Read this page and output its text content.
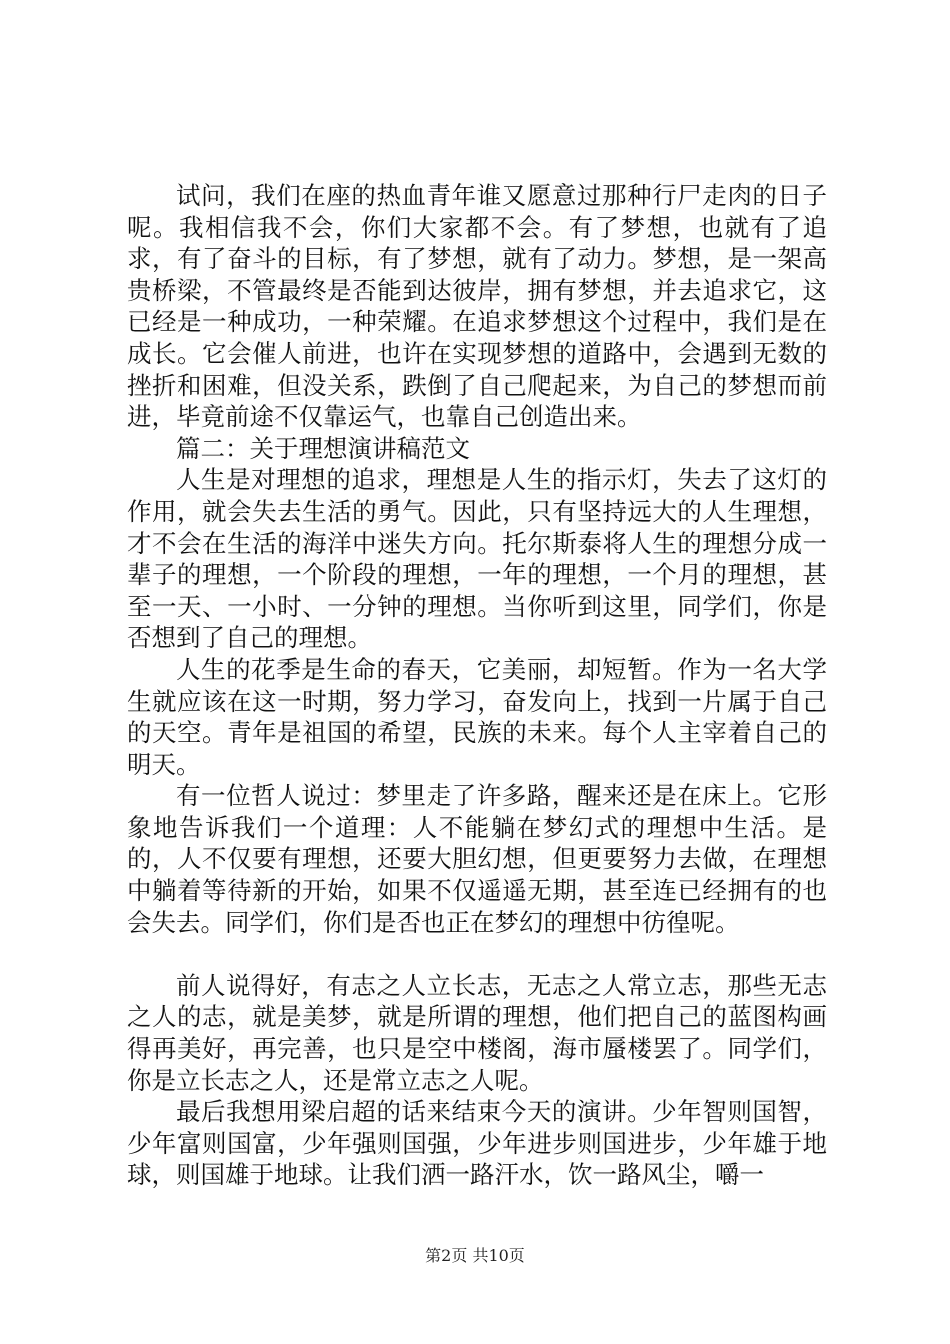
试问，我们在座的热血青年谁又愿意过那种行尸走肉的日子呢。我相信我不会，你们大家都不会。有了梦想，也就有了追求，有了奋斗的目标，有了梦想，就有了动力。梦想，是一架高贵桥梁，不管最终是否能到达彼岸，拥有梦想，并去追求它，这已经是一种成功，一种荣耀。在追求梦想这个过程中，我们是在成长。它会催人前进，也许在实现梦想的道路中，会遇到无数的挫折和困难，但没关系，跌倒了自己爬起来，为自己的梦想而前进，毕竟前途不仅靠运气，也靠自己创造出来。

篇二：关于理想演讲稿范文

人生是对理想的追求，理想是人生的指示灯，失去了这灯的作用，就会失去生活的勇气。因此，只有坚持远大的人生理想，才不会在生活的海洋中迷失方向。托尔斯泰将人生的理想分成一辈子的理想，一个阶段的理想，一年的理想，一个月的理想，甚至一天、一小时、一分钟的理想。当你听到这里，同学们，你是否想到了自己的理想。

人生的花季是生命的春天，它美丽，却短暂。作为一名大学生就应该在这一时期，努力学习，奋发向上，找到一片属于自己的天空。青年是祖国的希望，民族的未来。每个人主宰着自己的明天。

有一位哲人说过：梦里走了许多路，醒来还是在床上。它形象地告诉我们一个道理：人不能躺在梦幻式的理想中生活。是的，人不仅要有理想，还要大胆幻想，但更要努力去做，在理想中躺着等待新的开始，如果不仅遥遥无期，甚至连已经拥有的也会失去。同学们，你们是否也正在梦幻的理想中彷徨呢。

前人说得好，有志之人立长志，无志之人常立志，那些无志之人的志，就是美梦，就是所谓的理想，他们把自己的蓝图构画得再美好，再完善，也只是空中楼阁，海市蜃楼罢了。同学们，你是立长志之人，还是常立志之人呢。

最后我想用梁启超的话来结束今天的演讲。少年智则国智，少年富则国富，少年强则国强，少年进步则国进步，少年雄于地球，则国雄于地球。让我们洒一路汗水，饮一路风尘，嚼一

第2页 共10页
